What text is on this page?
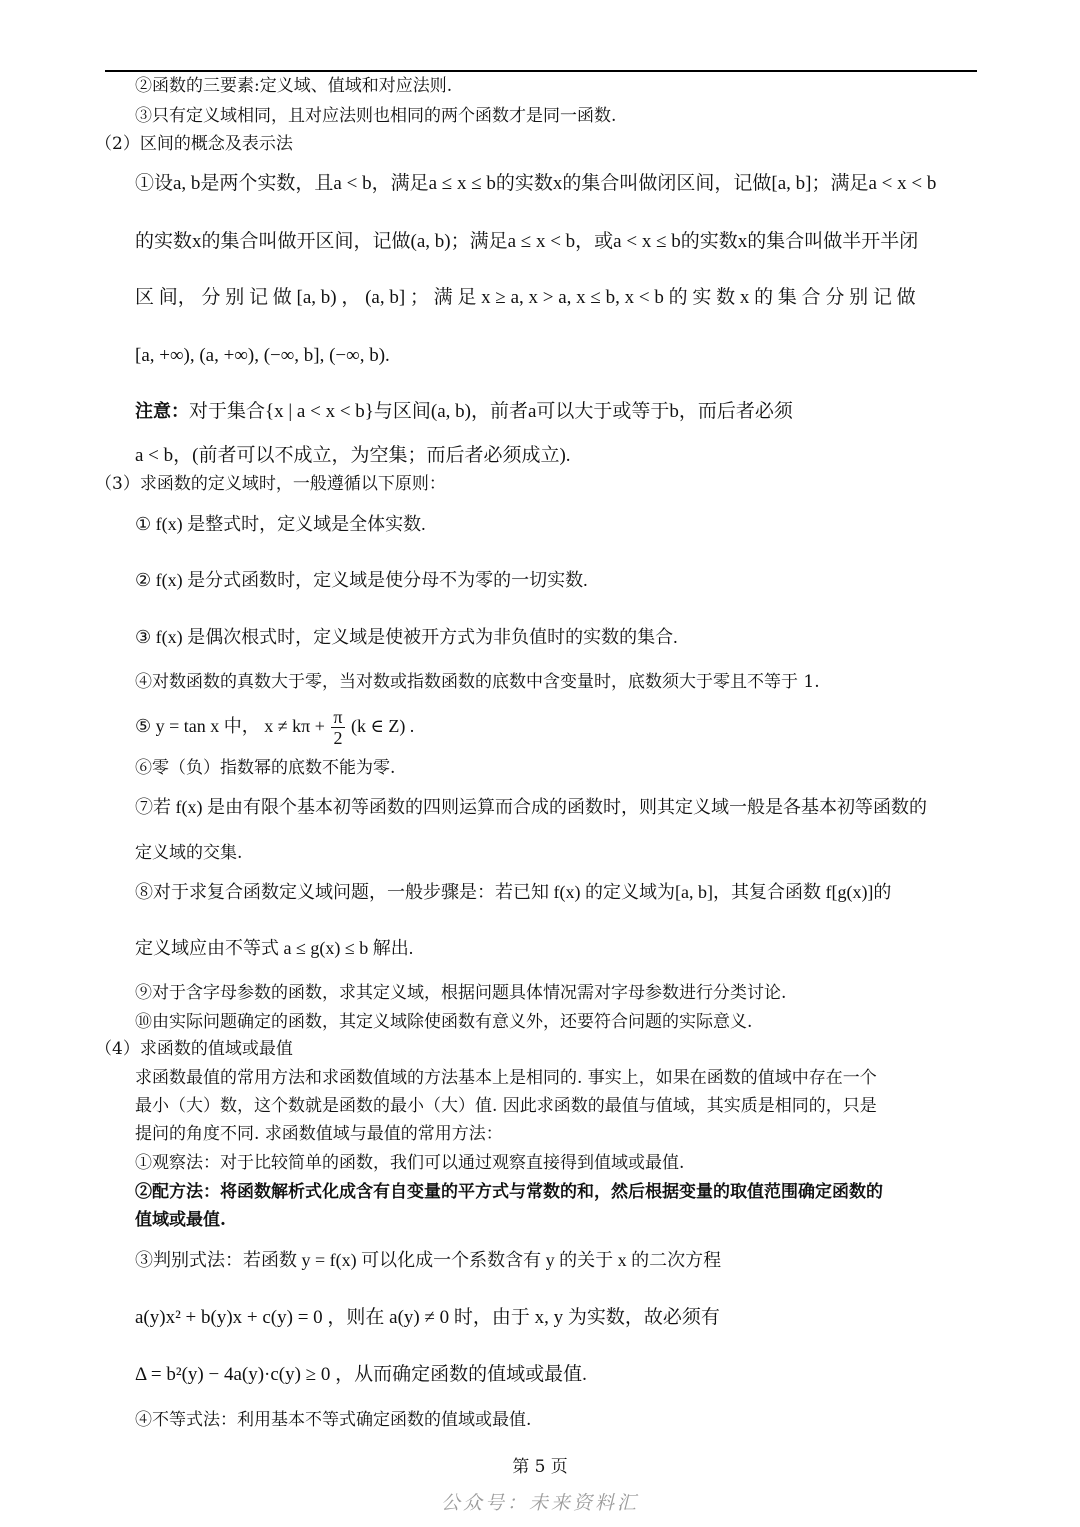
②函数的三要素:定义域、值域和对应法则.
③只有定义域相同，且对应法则也相同的两个函数才是同一函数.
（2）区间的概念及表示法
①设a, b是两个实数，且a < b，满足a ≤ x ≤ b的实数x的集合叫做闭区间，记做[a, b]；满足a < x < b
的实数x的集合叫做开区间，记做(a, b)；满足a ≤ x < b，或a < x ≤ b的实数x的集合叫做半开半闭
区 间， 分 别 记 做 [a, b) ， (a, b] ； 满 足 x ≥ a, x > a, x ≤ b, x < b 的 实 数 x 的 集 合 分 别 记 做
[a, +∞), (a, +∞), (−∞, b], (−∞, b).
注意：对于集合{x | a < x < b}与区间(a, b)，前者a可以大于或等于b，而后者必须
a < b，(前者可以不成立，为空集；而后者必须成立).
（3）求函数的定义域时，一般遵循以下原则：
① f(x) 是整式时，定义域是全体实数.
② f(x) 是分式函数时，定义域是使分母不为零的一切实数.
③ f(x) 是偶次根式时，定义域是使被开方式为非负值时的实数的集合.
④对数函数的真数大于零，当对数或指数函数的底数中含变量时，底数须大于零且不等于 1.
⑤ y = tan x 中， $x \ne k\pi + \frac{\pi}{2} (k$ ∈ Z) .
⑥零（负）指数幂的底数不能为零.
⑦若 f(x) 是由有限个基本初等函数的四则运算而合成的函数时，则其定义域一般是各基本初等函数的
定义域的交集.
⑧对于求复合函数定义域问题，一般步骤是：若已知 f(x) 的定义域为[a, b]，其复合函数 f[g(x)]的
定义域应由不等式 a ≤ g(x) ≤ b 解出.
⑨对于含字母参数的函数，求其定义域，根据问题具体情况需对字母参数进行分类讨论.
⑩由实际问题确定的函数，其定义域除使函数有意义外，还要符合问题的实际意义.
（4）求函数的值域或最值
求函数最值的常用方法和求函数值域的方法基本上是相同的. 事实上，如果在函数的值域中存在一个
最小（大）数，这个数就是函数的最小（大）值. 因此求函数的最值与值域，其实质是相同的，只是
提问的角度不同. 求函数值域与最值的常用方法：
①观察法：对于比较简单的函数，我们可以通过观察直接得到值域或最值.
②配方法：将函数解析式化成含有自变量的平方式与常数的和，然后根据变量的取值范围确定函数的
值域或最值.
③判别式法：若函数 y = f(x) 可以化成一个系数含有 y 的关于 x 的二次方程
a(y)x² + b(y)x + c(y) = 0 ，则在 a(y) ≠ 0 时，由于 x, y 为实数，故必须有
Δ = b²(y) − 4a(y)·c(y) ≥ 0 ，从而确定函数的值域或最值.
④不等式法：利用基本不等式确定函数的值域或最值.
第 5 页
公众号：未来资料汇
